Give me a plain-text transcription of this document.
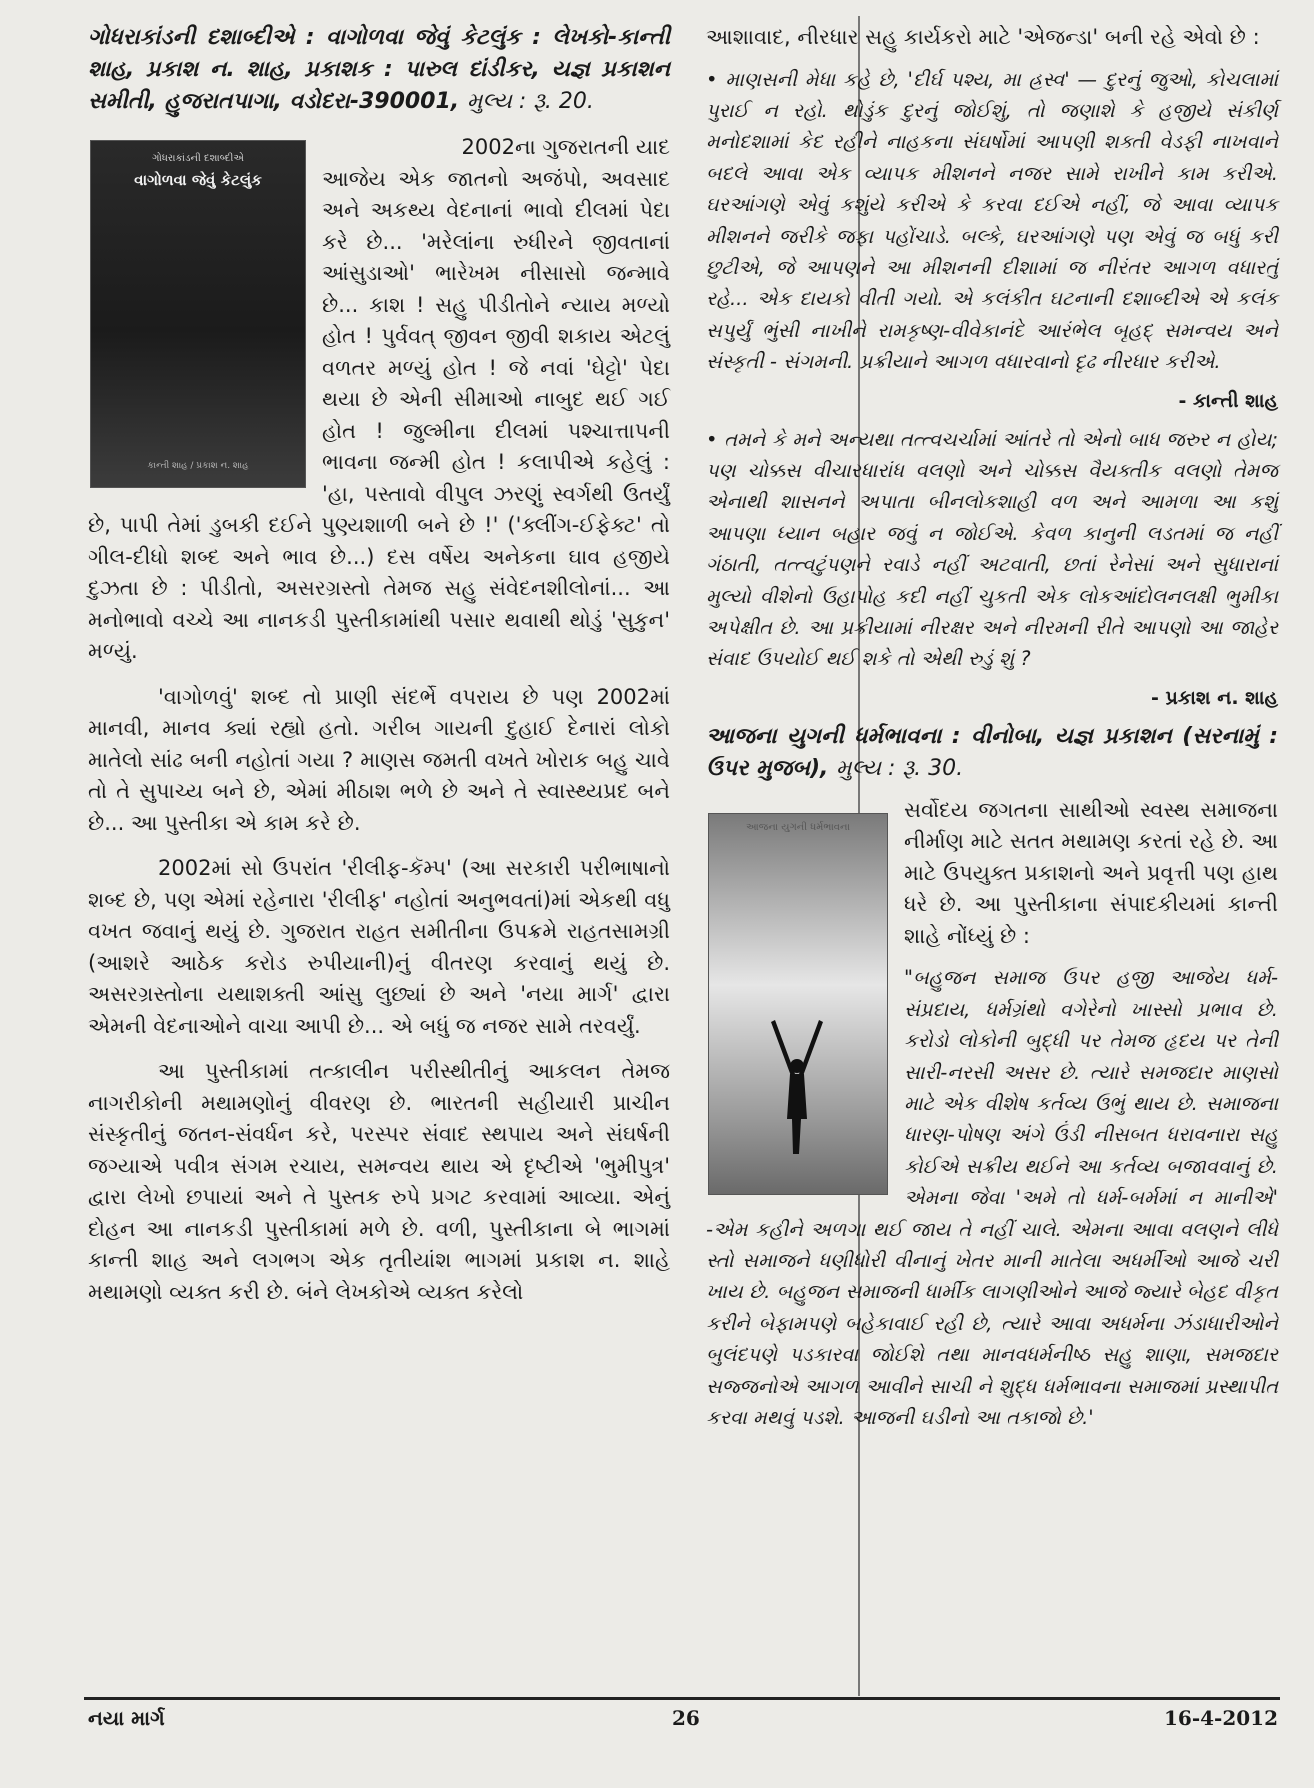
ગોધરાકાંડની દશાબ્દીએ : વાગોળવા જેવું કેટલુંક : લેખકો-કાન્તી શાહ, પ્રકાશ ન. શાહ, પ્રકાશક : પારુલ દાંડીકર, યજ્ઞ પ્રકાશન સમીતી, હુજરાતપાગા, વડોદરા-390001, મુલ્ય : રૂ. 20.

ગોધરાકાંડની દશાબ્દીએ
વાગોળવા જેવું કેટલુંક
કાન્તી શાહ / પ્રકાશ ન. શાહ

2002ના ગુજરાતની યાદ
આજેય એક જાતનો અજંપો, અવસાદ અને અકથ્ય વેદનાનાં ભાવો દીલમાં પેદા કરે છે... 'મરેલાંના રુધીરને જીવતાનાં આંસુડાઓ' ભારેખમ નીસાસો જન્માવે છે... કાશ ! સહુ પીડીતોને ન્યાય મળ્યો હોત ! પુર્વવત્ જીવન જીવી શકાય એટલું વળતર મળ્યું હોત ! જે નવાં 'ઘેટ્ટો' પેદા થયા છે એની સીમાઓ નાબુદ થઈ ગઈ હોત ! જુલ્મીના દીલમાં પશ્ચાત્તાપની ભાવના જન્મી હોત ! કલાપીએ કહેલું : 'હા, પસ્તાવો વીપુલ ઝરણું સ્વર્ગથી ઉતર્યું છે, પાપી તેમાં ડુબકી દઈને પુણ્યશાળી બને છે !' ('ક્લીંગ-ઈફેક્ટ' તો ગીલ-દીધો શબ્દ અને ભાવ છે...) દસ વર્ષેય અનેકના ઘાવ હજીયે દુઝતા છે : પીડીતો, અસરગ્રસ્તો તેમજ સહુ સંવેદનશીલોનાં... આ મનોભાવો વચ્ચે આ નાનકડી પુસ્તીકામાંથી પસાર થવાથી થોડું 'સુકુન' મળ્યું.

'વાગોળવું' શબ્દ તો પ્રાણી સંદર્ભે વપરાય છે પણ 2002માં માનવી, માનવ ક્યાં રહ્યો હતો. ગરીબ ગાયની દુહાઈ દેનારાં લોકો માતેલો સાંઢ બની નહોતાં ગયા ? માણસ જમતી વખતે ખોરાક બહુ ચાવે તો તે સુપાચ્ય બને છે, એમાં મીઠાશ ભળે છે અને તે સ્વાસ્થ્યપ્રદ બને છે... આ પુસ્તીકા એ કામ કરે છે.

2002માં સો ઉપરાંત 'રીલીફ-કૅમ્પ' (આ સરકારી પરીભાષાનો શબ્દ છે, પણ એમાં રહેનારા 'રીલીફ' નહોતાં અનુભવતાં)માં એકથી વધુ વખત જવાનું થયું છે. ગુજરાત રાહત સમીતીના ઉપક્રમે રાહતસામગ્રી (આશરે આઠેક કરોડ રુપીયાની)નું વીતરણ કરવાનું થયું છે. અસરગ્રસ્તોના યથાશક્તી આંસુ લુછ્યાં છે અને 'નયા માર્ગ' દ્વારા એમની વેદનાઓને વાચા આપી છે... એ બધું જ નજર સામે તરવર્યું.

આ પુસ્તીકામાં તત્કાલીન પરીસ્થીતીનું આકલન તેમજ નાગરીકોની મથામણોનું વીવરણ છે. ભારતની સહીયારી પ્રાચીન સંસ્કૃતીનું જતન-સંવર્ધન કરે, પરસ્પર સંવાદ સ્થપાય અને સંઘર્ષની જગ્યાએ પવીત્ર સંગમ રચાય, સમન્વય થાય એ દૃષ્ટીએ 'ભુમીપુત્ર' દ્વારા લેખો છપાયાં અને તે પુસ્તક રુપે પ્રગટ કરવામાં આવ્યા. એનું દોહન આ નાનકડી પુસ્તીકામાં મળે છે. વળી, પુસ્તીકાના બે ભાગમાં કાન્તી શાહ અને લગભગ એક તૃતીયાંશ ભાગમાં પ્રકાશ ન. શાહે મથામણો વ્યક્ત કરી છે. બંને લેખકોએ વ્યક્ત કરેલો

આશાવાદ, નીરધાર સહુ કાર્યકરો માટે 'એજન્ડા' બની રહે એવો છે :

• માણસની મેધા કહે છે, 'દીર્ઘ પશ્ય, મા હ્રસ્વ' — દુરનું જુઓ, કોચલામાં પુરાઈ ન રહો. થોડુંક દુરનું જોઈશું, તો જણાશે કે હજીયે સંકીર્ણ મનોદશામાં કેદ રહીને નાહકના સંઘર્ષોમાં આપણી શક્તી વેડફી નાખવાને બદલે આવા એક વ્યાપક મીશનને નજર સામે રાખીને કામ કરીએ. ઘરઆંગણે એવું કશુંયે કરીએ કે કરવા દઈએ નહીં, જે આવા વ્યાપક મીશનને જરીકે જફા પહોંચાડે. બલ્કે, ઘરઆંગણે પણ એવું જ બધું કરી છુટીએ, જે આપણને આ મીશનની દીશામાં જ નીરંતર આગળ વધારતું રહે... એક દાયકો વીતી ગયો. એ કલંકીત ઘટનાની દશાબ્દીએ એ કલંક સપુર્યું ભુંસી નાખીને રામકૃષ્ણ-વીવેકાનંદે આરંભેલ બૃહદ્ સમન્વય અને સંસ્કૃતી - સંગમની. પ્રક્રીયાને આગળ વધારવાનો દૃઢ નીરધાર કરીએ.

- કાન્તી શાહ

• તમને કે મને અન્યથા તત્ત્વચર્ચામાં આંતરે તો એનો બાધ જરુર ન હોય; પણ ચોક્કસ વીચારધારાંધ વલણો અને ચોક્કસ વૈયક્તીક વલણો તેમજ એનાથી શાસનને અપાતા બીનલોકશાહી વળ અને આમળા આ કશું આપણા ધ્યાન બહાર જવું ન જોઈએ. કેવળ કાનુની લડતમાં જ નહીં ગંઠાતી, તત્ત્વટુંપણને રવાડે નહીં અટવાતી, છતાં રેનેસાં અને સુધારાનાં મુલ્યો વીશેનો ઉહાપોહ કદી નહીં ચુકતી એક લોકઆંદોલનલક્ષી ભુમીકા અપેક્ષીત છે. આ પ્રક્રીયામાં નીરક્ષર અને નીરમની રીતે આપણો આ જાહેર સંવાદ ઉપયોઈ થઈ શકે તો એથી રુડું શું ?

- પ્રકાશ ન. શાહ

આજના યુગની ધર્મભાવના : વીનોબા, યજ્ઞ પ્રકાશન (સરનામું : ઉપર મુજબ), મુલ્ય : રૂ. 30.

આજના યુગની ધર્મભાવના

સર્વોદય જગતના સાથીઓ સ્વસ્થ સમાજના નીર્માણ માટે સતત મથામણ કરતાં રહે છે. આ માટે ઉપયુક્ત પ્રકાશનો અને પ્રવૃત્તી પણ હાથ ધરે છે. આ પુસ્તીકાના સંપાદકીયમાં કાન્તી શાહે નોંધ્યું છે :

"બહુજન સમાજ ઉપર હજી આજેય ધર્મ-સંપ્રદાય, ધર્મગ્રંથો વગેરેનો ખાસ્સો પ્રભાવ છે. કરોડો લોકોની બુદ્ધી પર તેમજ હૃદય પર તેની સારી-નરસી અસર છે. ત્યારે સમજદાર માણસો માટે એક વીશેષ કર્તવ્ય ઉભું થાય છે. સમાજના ધારણ-પોષણ અંગે ઉંડી નીસબત ધરાવનારા સહુ કોઈએ સક્રીય થઈને આ કર્તવ્ય બજાવવાનું છે. એમના જેવા 'અમે તો ધર્મ-બર્મમાં ન માનીએ' -એમ કહીને અળગા થઈ જાય તે નહીં ચાલે. એમના આવા વલણને લીધે સ્તો સમાજને ધણીધોરી વીનાનું ખેતર માની માતેલા અધર્મીઓ આજે ચરી ખાય છે. બહુજન સમાજની ધાર્મીક લાગણીઓને આજે જ્યારે બેહદ વીકૃત કરીને બેફામપણે બહેકાવાઈ રહી છે, ત્યારે આવા અધર્મના ઝંડાધારીઓને બુલંદપણે પડકારવા જોઈશે તથા માનવધર્મનીષ્ઠ સહુ શાણા, સમજદાર સજ્જનોએ આગળ આવીને સાચી ને શુદ્ધ ધર્મભાવના સમાજમાં પ્રસ્થાપીત કરવા મથવું પડશે. આજની ઘડીનો આ તકાજો છે.'

નયા માર્ગ	26	16-4-2012
